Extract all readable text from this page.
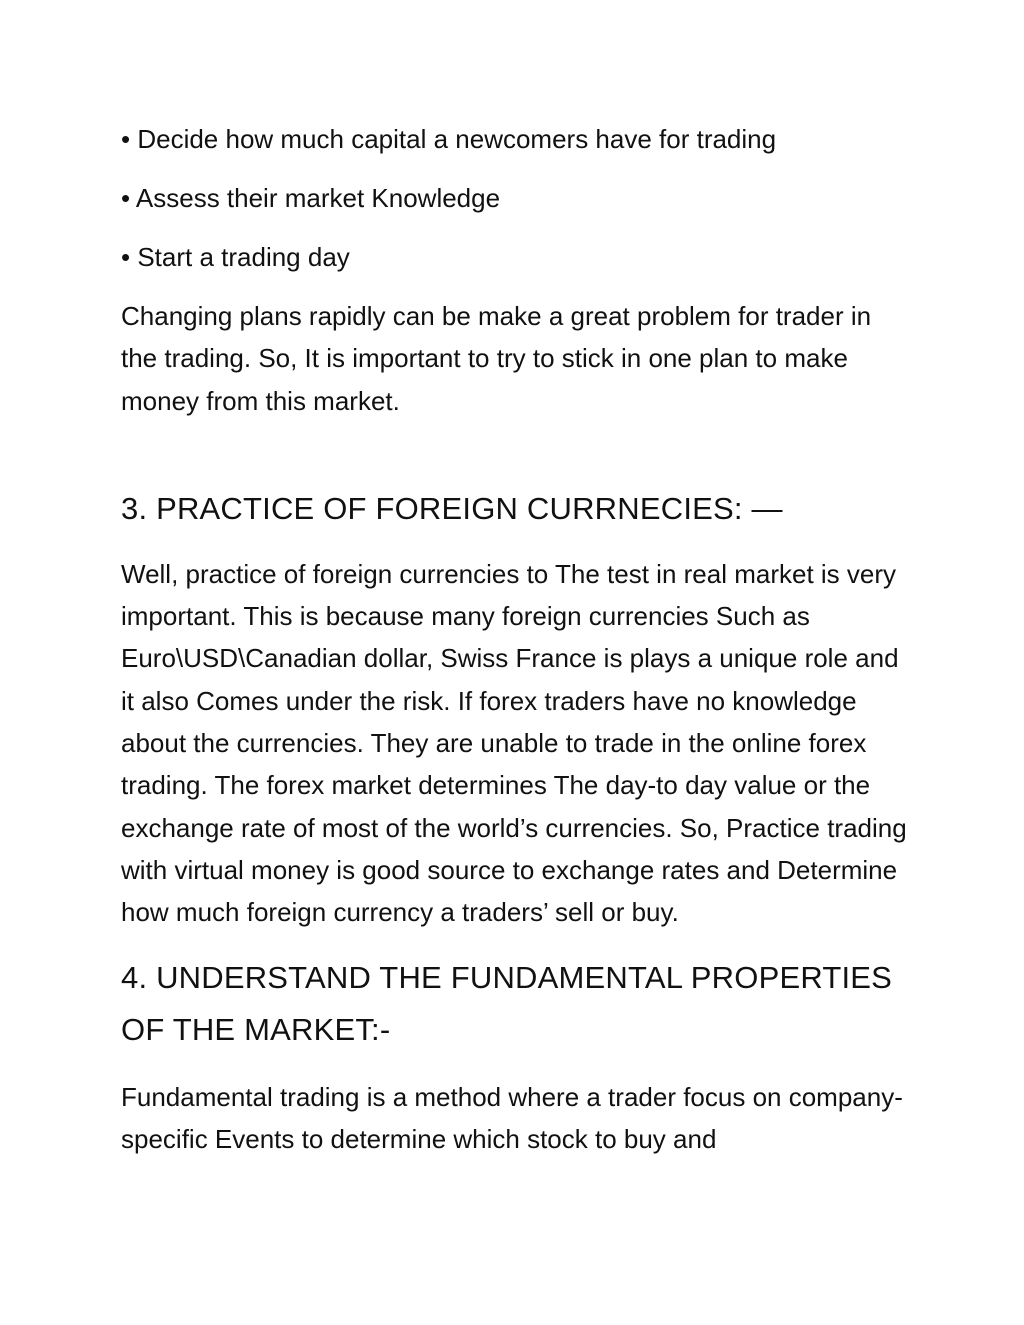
• Decide how much capital a newcomers have for trading
• Assess their market Knowledge
• Start a trading day

Changing plans rapidly can be make a great problem for trader in the trading. So, It is important to try to stick in one plan to make money from this market.

3. PRACTICE OF FOREIGN CURRNECIES: —

Well, practice of foreign currencies to The test in real market is very important. This is because many foreign currencies Such as Euro\USD\Canadian dollar, Swiss France is plays a unique role and it also Comes under the risk. If forex traders have no knowledge about the currencies. They are unable to trade in the online forex trading. The forex market determines The day-to day value or the exchange rate of most of the world’s currencies. So, Practice trading with virtual money is good source to exchange rates and Determine how much foreign currency a traders’ sell or buy.

4. UNDERSTAND THE FUNDAMENTAL PROPERTIES OF THE MARKET:-

Fundamental trading is a method where a trader focus on company-specific Events to determine which stock to buy and
